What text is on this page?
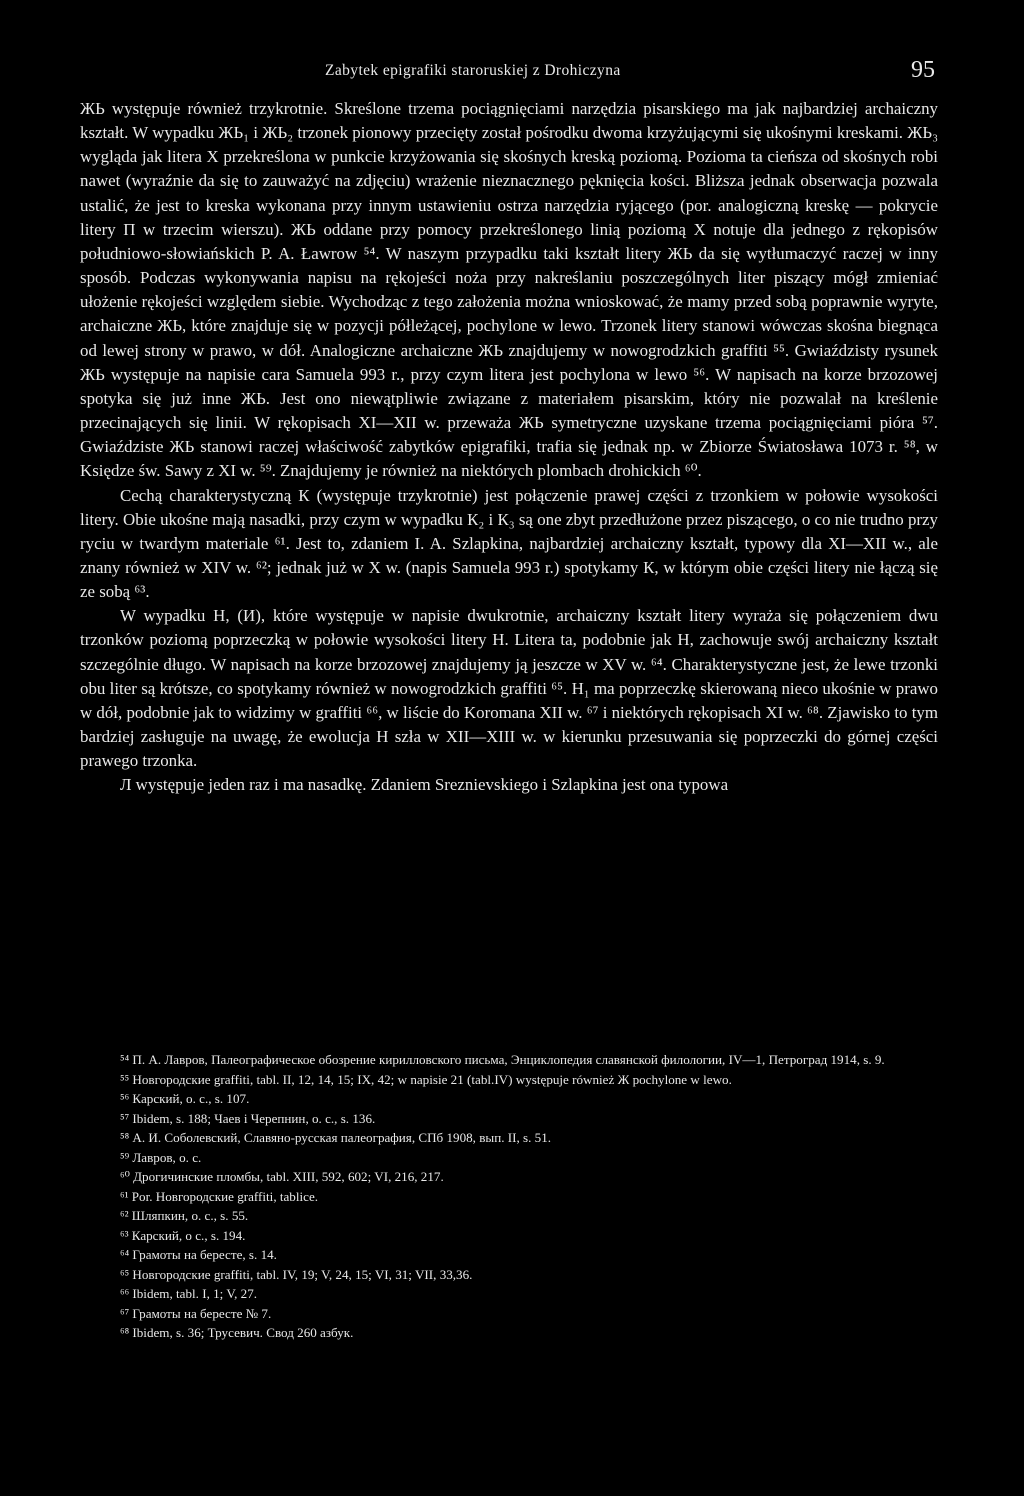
Zabytek epigrafiki staroruskiej z Drohiczyna	95

ЖЬ występuje również trzykrotnie. Skreślone trzema pociągnięciami narzędzia pisarskiego ma jak najbardziej archaiczny kształt. W wypadku ЖЬ₁ i ЖЬ₂ trzonek pionowy przecięty został pośrodku dwoma krzyżującymi się ukośnymi kreskami. ЖЬ₃ wygląda jak litera Х przekreślona w punkcie krzyżowania się skośnych kreską poziomą. Pozioma ta cieńsza od skośnych robi nawet (wyraźnie da się to zauważyć na zdjęciu) wrażenie nieznacznego pęknięcia kości. Bliższa jednak obserwacja pozwala ustalić, że jest to kreska wykonana przy innym ustawieniu ostrza narzędzia ryjącego (por. analogiczną kreskę — pokrycie litery П w trzecim wierszu). ЖЬ oddane przy pomocy przekreślonego linią poziomą Х notuje dla jednego z rękopisów południowo-słowiańskich P. A. Ławrow ⁵⁴. W naszym przypadku taki kształt litery ЖЬ da się wytłumaczyć raczej w inny sposób. Podczas wykonywania napisu na rękojeści noża przy nakreślaniu poszczególnych liter piszący mógł zmieniać ułożenie rękojeści względem siebie. Wychodząc z tego założenia można wnioskować, że mamy przed sobą poprawnie wyryte, archaiczne ЖЬ, które znajduje się w pozycji półleżącej, pochylone w lewo. Trzonek litery stanowi wówczas skośna biegnąca od lewej strony w prawo, w dół. Analogiczne archaiczne ЖЬ znajdujemy w nowogrodzkich graffiti ⁵⁵. Gwiaździsty rysunek ЖЬ występuje na napisie cara Samuela 993 r., przy czym litera jest pochylona w lewo ⁵⁶. W napisach na korze brzozowej spotyka się już inne ЖЬ. Jest ono niewątpliwie związane z materiałem pisarskim, który nie pozwalał na kreślenie przecinających się linii. W rękopisach XI—XII w. przeważa ЖЬ symetryczne uzyskane trzema pociągnięciami pióra ⁵⁷. Gwiaździste ЖЬ stanowi raczej właściwość zabytków epigrafiki, trafia się jednak np. w Zbiorze Światosława 1073 r. ⁵⁸, w Księdze św. Sawy z XI w. ⁵⁹. Znajdujemy je również na niektórych plombach drohickich ⁶⁰.

Cechą charakterystyczną К (występuje trzykrotnie) jest połączenie prawej części z trzonkiem w połowie wysokości litery. Obie ukośne mają nasadki, przy czym w wypadku К₂ i К₃ są one zbyt przedłużone przez piszącego, o co nie trudno przy ryciu w twardym materiale ⁶¹. Jest to, zdaniem I. A. Szlapkina, najbardziej archaiczny kształt, typowy dla XI—XII w., ale znany również w XIV w. ⁶²; jednak już w X w. (napis Samuela 993 r.) spotykamy К, w którym obie części litery nie łączą się ze sobą ⁶³.

W wypadku Н, (И), które występuje w napisie dwukrotnie, archaiczny kształt litery wyraża się połączeniem dwu trzonków poziomą poprzeczką w połowie wysokości litery Н. Litera ta, podobnie jak Н, zachowuje swój archaiczny kształt szczególnie długo. W napisach na korze brzozowej znajdujemy ją jeszcze w XV w. ⁶⁴. Charakterystyczne jest, że lewe trzonki obu liter są krótsze, co spotykamy również w nowogrodzkich graffiti ⁶⁵. Н₁ ma poprzeczkę skierowaną nieco ukośnie w prawo w dół, podobnie jak to widzimy w graffiti ⁶⁶, w liście do Koromana XII w. ⁶⁷ i niektórych rękopisach XI w. ⁶⁸. Zjawisko to tym bardziej zasługuje na uwagę, że ewolucja Н szła w XII—XIII w. w kierunku przesuwania się poprzeczki do górnej części prawego trzonka.

Л występuje jeden raz i ma nasadkę. Zdaniem Sreznievskiego i Szlapkina jest ona typowa

⁵⁴ П. А. Лавров, Палеографическое обозрение кирилловского письма, Энциклопедия славянской филологии, IV—1, Петроград 1914, s. 9.

⁵⁵ Новгородские graffiti, tabl. II, 12, 14, 15; IX, 42; w napisie 21 (tabl.IV) występuje również Ж pochylone w lewo.

⁵⁶ Карский, o. c., s. 107.

⁵⁷ Ibidem, s. 188; Чаев i Черепнин, o. c., s. 136.

⁵⁸ А. И. Соболевский, Славяно-русская палеография, СПб 1908, вып. II, s. 51.

⁵⁹ Лавров, o. c.

⁶⁰ Дрогичинские пломбы, tabl. XIII, 592, 602; VI, 216, 217.

⁶¹ Por. Новгородские graffiti, tablice.

⁶² Шляпкин, o. c., s. 55.

⁶³ Карский, o c., s. 194.

⁶⁴ Грамоты на бересте, s. 14.

⁶⁵ Новгородские graffiti, tabl. IV, 19; V, 24, 15; VI, 31; VII, 33,36.

⁶⁶ Ibidem, tabl. I, 1; V, 27.

⁶⁷ Грамоты на бересте № 7.

⁶⁸ Ibidem, s. 36; Трусевич. Свод 260 азбук.
